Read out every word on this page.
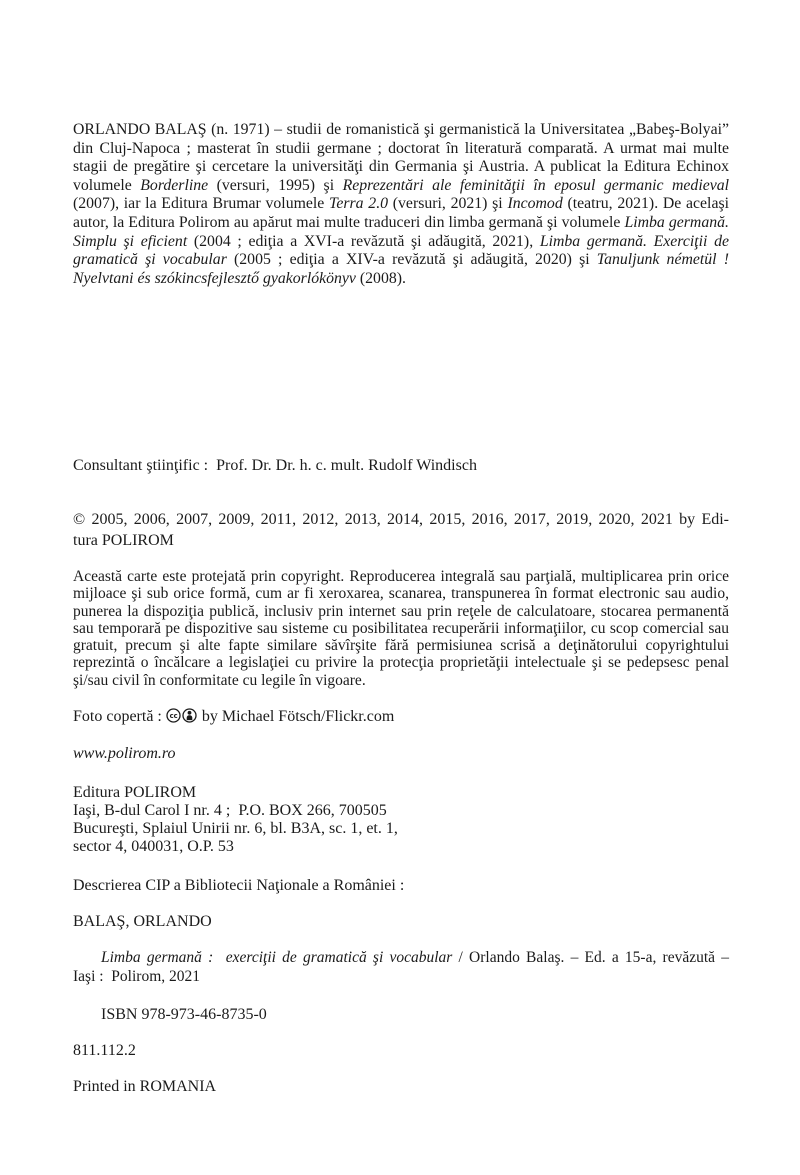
ORLANDO BALAŞ (n. 1971) – studii de romanistică şi germanistică la Universitatea „Babeş-Bolyai” din Cluj-Napoca ; masterat în studii germane ; doctorat în literatură comparată. A urmat mai multe stagii de pregătire şi cercetare la universităţi din Germania şi Austria. A publicat la Editura Echinox volumele Borderline (versuri, 1995) şi Reprezentări ale feminităţii în eposul germanic medieval (2007), iar la Editura Brumar volumele Terra 2.0 (versuri, 2021) şi Incomod (teatru, 2021). De acelaşi autor, la Editura Polirom au apărut mai multe traduceri din limba germană şi volumele Limba germană. Simplu şi eficient (2004 ; ediţia a XVI-a revăzută şi adăugită, 2021), Limba germană. Exerciţii de gramatică şi vocabular (2005 ; ediţia a XIV-a revăzută şi adăugită, 2020) şi Tanuljunk németül ! Nyelvtani és szókincsfejlesztő gyakorlókönyv (2008).

Consultant ştiinţific :  Prof. Dr. Dr. h. c. mult. Rudolf Windisch

© 2005, 2006, 2007, 2009, 2011, 2012, 2013, 2014, 2015, 2016, 2017, 2019, 2020, 2021 by Edi-
tura POLIROM

Această carte este protejată prin copyright. Reproducerea integrală sau parţială, multiplicarea prin orice mijloace şi sub orice formă, cum ar fi xeroxarea, scanarea, transpunerea în format electronic sau audio, punerea la dispoziţia publică, inclusiv prin internet sau prin reţele de calculatoare, stocarea permanentă sau temporară pe dispozitive sau sisteme cu posibilitatea recuperării informaţiilor, cu scop comercial sau gratuit, precum şi alte fapte similare săvîrşite fără permisiunea scrisă a deţinătorului copyrightului reprezintă o încălcare a legislaţiei cu privire la protecţia proprietăţii intelectuale şi se pedepsesc penal şi/sau civil în conformitate cu legile în vigoare.

Foto copertă : cc by Michael Fötsch/Flickr.com

www.polirom.ro

Editura POLIROM
Iaşi, B-dul Carol I nr. 4 ;  P.O. BOX 266, 700505
Bucureşti, Splaiul Unirii nr. 6, bl. B3A, sc. 1, et. 1,
sector 4, 040031, O.P. 53

Descrierea CIP a Bibliotecii Naţionale a României :

BALAŞ, ORLANDO

Limba germană :  exerciţii de gramatică şi vocabular / Orlando Balaş. – Ed. a 15-a, revăzută –
Iaşi :  Polirom, 2021

ISBN 978-973-46-8735-0

811.112.2

Printed in ROMANIA
